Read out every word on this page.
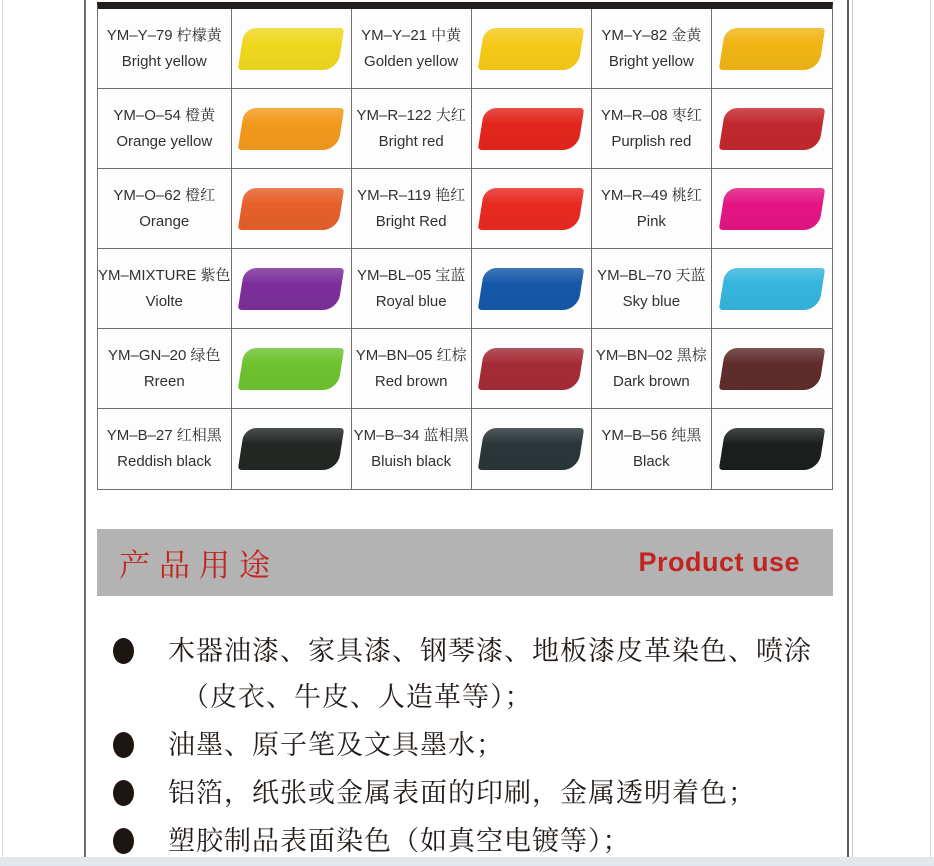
YM–Y–79 柠檬黄
Bright yellow
YM–Y–21 中黄
Golden yellow
YM–Y–82 金黄
Bright yellow
YM–O–54 橙黄
Orange yellow
YM–R–122 大红
Bright red
YM–R–08 枣红
Purplish red
YM–O–62 橙红
Orange
YM–R–119 艳红
Bright Red
YM–R–49 桃红
Pink
YM–MIXTURE 紫色
Violte
YM–BL–05 宝蓝
Royal blue
YM–BL–70 天蓝
Sky blue
YM–GN–20 绿色
Rreen
YM–BN–05 红棕
Red brown
YM–BN–02 黑棕
Dark brown
YM–B–27 红相黑
Reddish black
YM–B–34 蓝相黑
Bluish black
YM–B–56 纯黑
Black
产品用途	Product use
木器油漆、家具漆、钢琴漆、地板漆皮革染色、喷涂
（皮衣、牛皮、人造革等）；
油墨、原子笔及文具墨水；
铝箔，纸张或金属表面的印刷，金属透明着色；
塑胶制品表面染色（如真空电镀等）；
